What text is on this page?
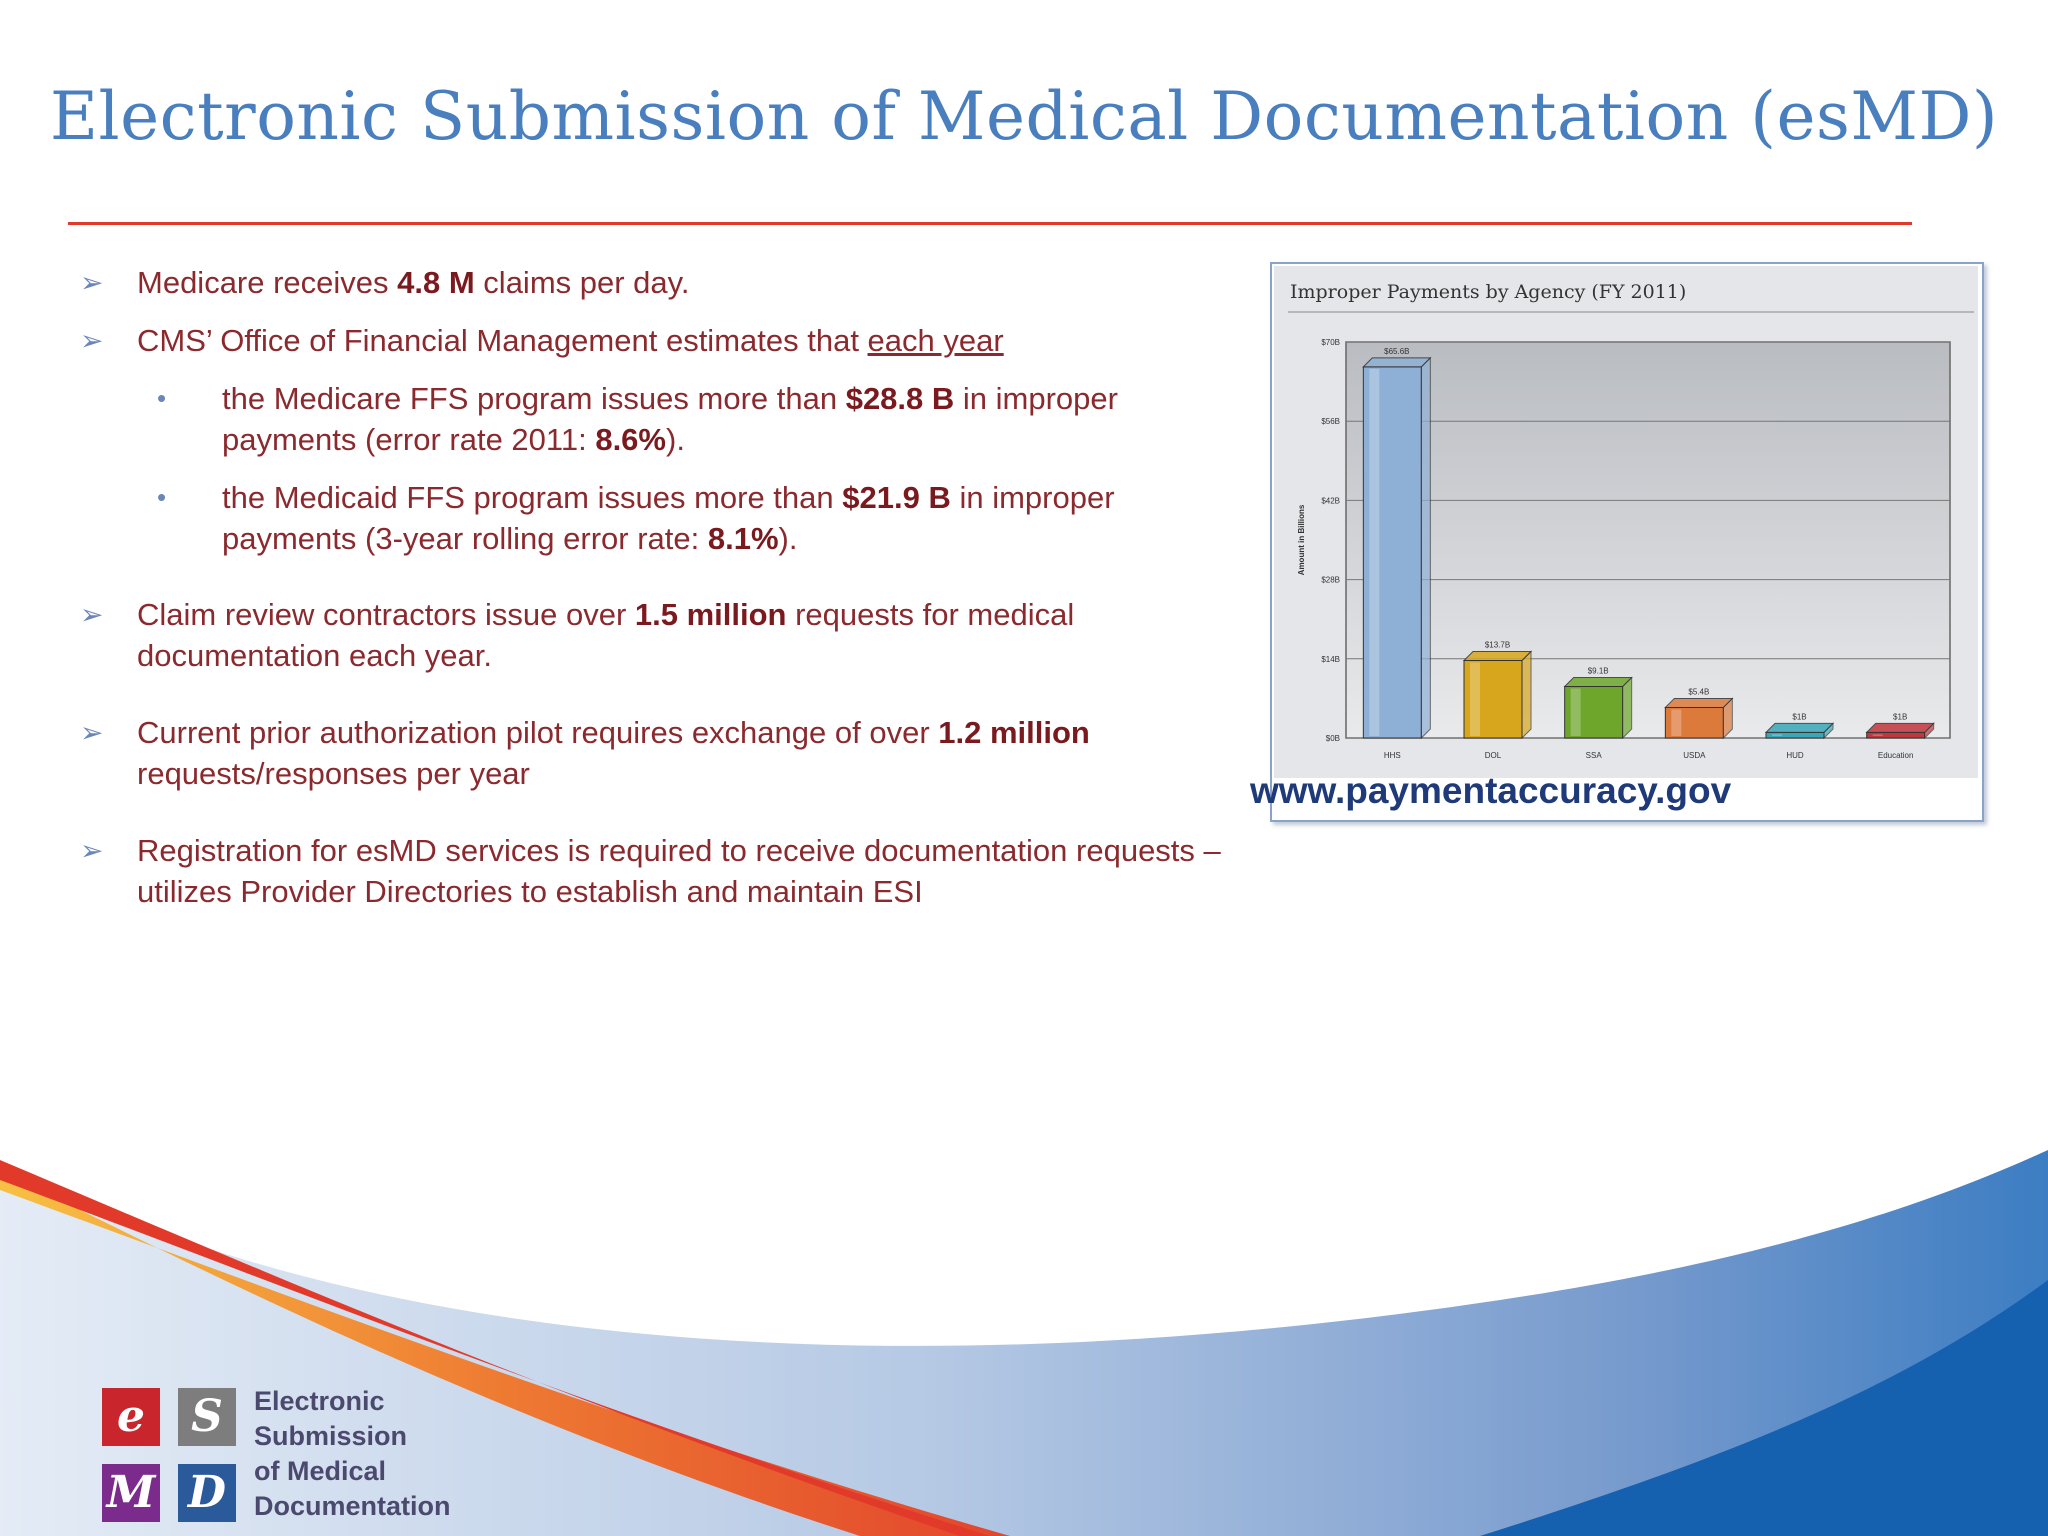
Electronic Submission of Medical Documentation (esMD)
➢ Medicare receives 4.8 M claims per day.
➢ CMS’ Office of Financial Management estimates that each year
• the Medicare FFS program issues more than $28.8 B in improper payments (error rate 2011: 8.6%).
• the Medicaid FFS program issues more than $21.9 B in improper payments (3-year rolling error rate: 8.1%).
➢ Claim review contractors issue over 1.5 million requests for medical documentation each year.
➢ Current prior authorization pilot requires exchange of over 1.2 million requests/responses per year
➢ Registration for esMD services is required to receive documentation requests – utilizes Provider Directories to establish and maintain ESI
Improper Payments by Agency (FY 2011)
$0B
$14B
$28B
$42B
$56B
$70B
Amount in Billions
$65.6B
HHS
$13.7B
DOL
$9.1B
SSA
$5.4B
USDA
$1B
HUD
$1B
Education
www.paymentaccuracy.gov
e	S
M D
Electronic
Submission
of Medical
Documentation
